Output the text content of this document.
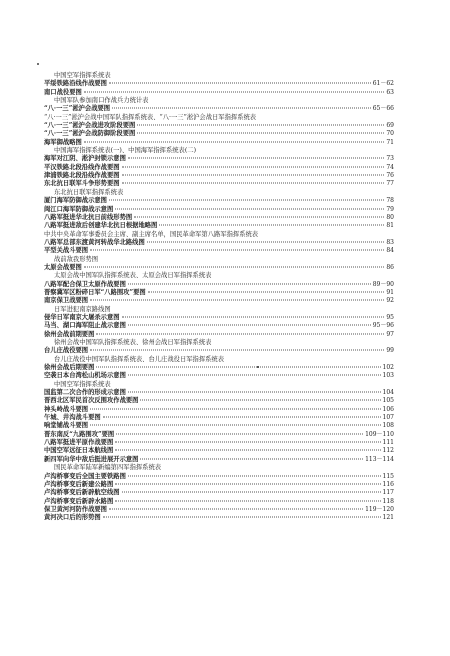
中国空军指挥系统表
平绥铁路沿线作战要图	61－62
南口战役要图	63
中国军队参加南口作战兵力统计表
“八·一三”淞沪会战要图	65－66
“八·一三”淞沪会战中国军队指挥系统表、“八·一三”淞沪会战日军指挥系统表
“八·一三”淞沪会战进攻阶段要图	69
“八·一三”淞沪会战防御阶段要图	70
海军御战略图	71
中国海军指挥系统表(一)、中国海军指挥系统表(二)
海军对江阴、淞沪封锁示意图	73
平汉铁路北段沿线作战要图	74
津浦铁路北段沿线作战要图	76
东北抗日联军斗争形势要图	77
东北抗日联军指挥系统表
厦门海军防御战示意图	78
闽江口海军防御战示意图	79
八路军挺进华北抗日前线形势图	80
八路军挺进敌后创建华北抗日根据地略图	81
中共中央革命军事委员会主席、副主席名单，国民革命军第八路军指挥系统表
八路军总部东渡黄河转战华北路线图	83
平型关战斗要图	84
战前敌我形势图
太原会战要图	86
太原会战中国军队指挥系统表、太原会战日军指挥系统表
八路军配合保卫太原作战要图	89－90
晋察冀军区粉碎日军“八路围攻”要图	91
南京保卫战要图	92
日军进犯南京路线图
侵华日军南京大屠杀示意图	95
马当、湖口海军阻止战示意图	95－96
徐州会战前期要图	97
徐州会战中国军队指挥系统表、徐州会战日军指挥系统表
台儿庄战役要图	99
台儿庄战役中国军队指挥系统表、台儿庄战役日军指挥系统表
徐州会战后期要图	102
空袭日本台湾松山机场示意图	103
中国空军指挥系统表
国监第二次合作的形成示意图	104
晋西北区军民首次反围攻作战要图	105
神头岭战斗要图	106
午城、井沟战斗要图	107
响堂铺战斗要图	108
晋东南反“九路围攻”要图	109－110
八路军挺进平原作战要图	111
中国空军远征日本航线图	112
新四军向华中敌后挺进展开示意图	113－114
国民革命军陆军新编第四军指挥系统表
卢沟桥事变后全国主要铁路图	115
卢沟桥事变后新建公路图	116
卢沟桥事变后新辟航空线图	117
卢沟桥事变后新辟水路图	118
保卫黄河河防作战要图	119－120
黄河决口后的形势图	121
